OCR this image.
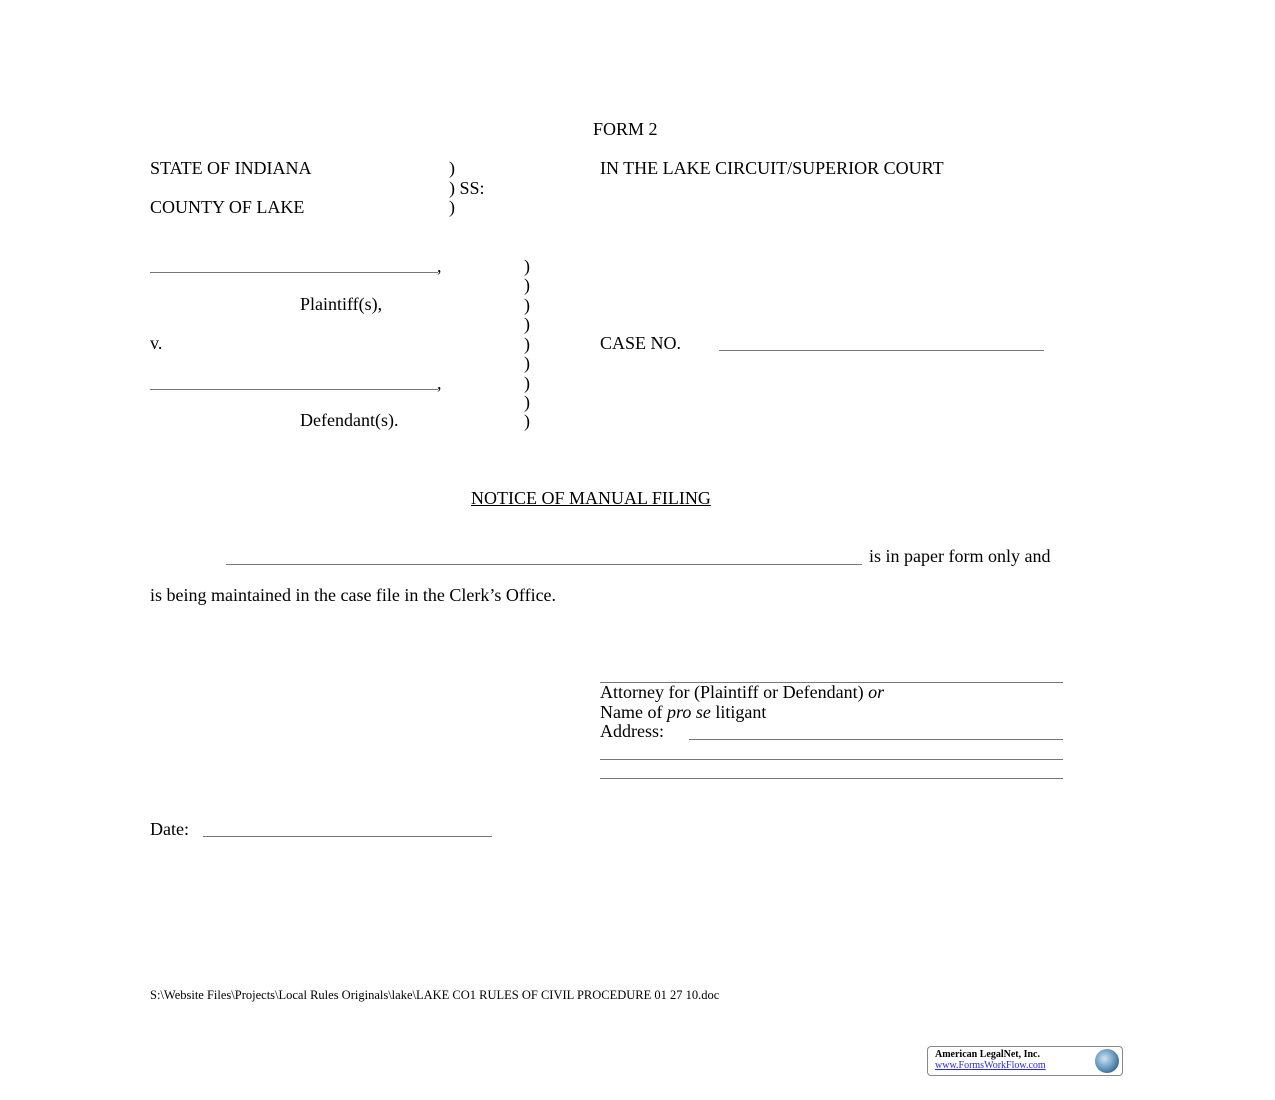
FORM 2
STATE OF INDIANA	)
) SS:
COUNTY OF LAKE	)
IN THE LAKE CIRCUIT/SUPERIOR COURT
,
Plaintiff(s),
v.
,
Defendant(s).
)
)
)
)
)
)
)
)
)
CASE NO.
NOTICE OF MANUAL FILING
is in paper form only and
is being maintained in the case file in the Clerk’s Office.
Attorney for (Plaintiff or Defendant) or
Name of pro se litigant
Address:
Date:
S:\Website Files\Projects\Local Rules Originals\lake\LAKE CO1 RULES OF CIVIL PROCEDURE 01 27 10.doc
American LegalNet, Inc.
www.FormsWorkFlow.com
